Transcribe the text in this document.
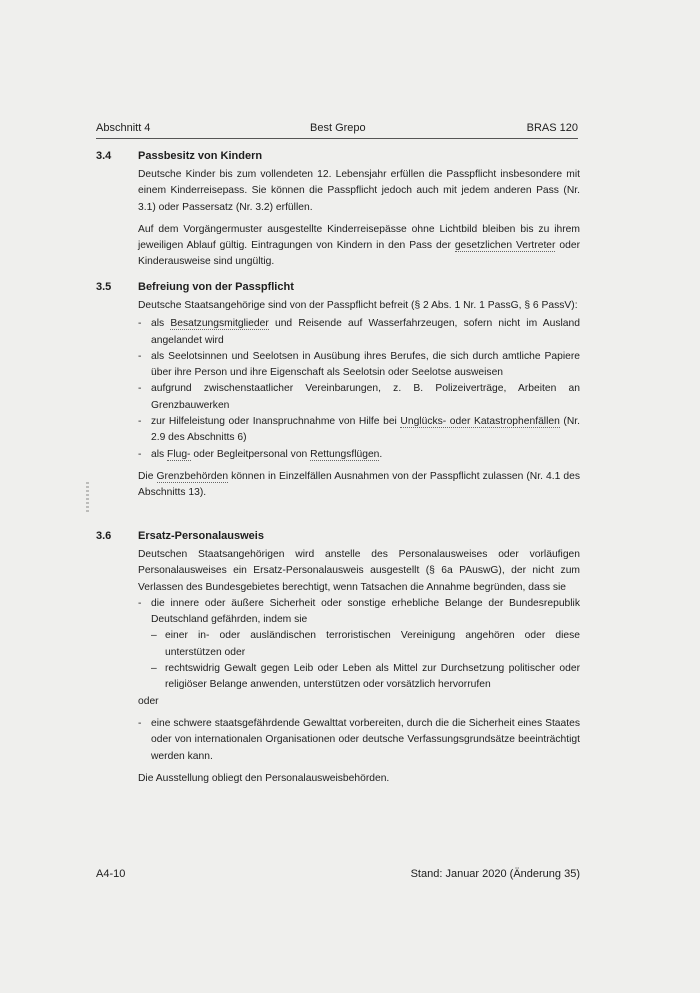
Abschnitt 4	Best Grepo	BRAS 120
3.4 Passbesitz von Kindern

Deutsche Kinder bis zum vollendeten 12. Lebensjahr erfüllen die Passpflicht insbesondere mit einem Kinderreisepass. Sie können die Passpflicht jedoch auch mit jedem anderen Pass (Nr. 3.1) oder Passersatz (Nr. 3.2) erfüllen.

Auf dem Vorgängermuster ausgestellte Kinderreisepässe ohne Lichtbild bleiben bis zu ihrem jeweiligen Ablauf gültig. Eintragungen von Kindern in den Pass der gesetzlichen Vertreter oder Kinderausweise sind ungültig.

3.5 Befreiung von der Passpflicht

Deutsche Staatsangehörige sind von der Passpflicht befreit (§ 2 Abs. 1 Nr. 1 PassG, § 6 PassV):

- als Besatzungsmitglieder und Reisende auf Wasserfahrzeugen, sofern nicht im Ausland angelandet wird
- als Seelotsinnen und Seelotsen in Ausübung ihres Berufes, die sich durch amtliche Papiere über ihre Person und ihre Eigenschaft als Seelotsin oder Seelotse ausweisen
- aufgrund zwischenstaatlicher Vereinbarungen, z. B. Polizeiverträge, Arbeiten an Grenzbauwerken
- zur Hilfeleistung oder Inanspruchnahme von Hilfe bei Unglücks- oder Katastrophenfällen (Nr. 2.9 des Abschnitts 6)
- als Flug- oder Begleitpersonal von Rettungsflügen.

Die Grenzbehörden können in Einzelfällen Ausnahmen von der Passpflicht zulassen (Nr. 4.1 des Abschnitts 13).

3.6 Ersatz-Personalausweis

Deutschen Staatsangehörigen wird anstelle des Personalausweises oder vorläufigen Personalausweises ein Ersatz-Personalausweis ausgestellt (§ 6a PAuswG), der nicht zum Verlassen des Bundesgebietes berechtigt, wenn Tatsachen die Annahme begründen, dass sie

- die innere oder äußere Sicherheit oder sonstige erhebliche Belange der Bundesrepublik Deutschland gefährden, indem sie
– einer in- oder ausländischen terroristischen Vereinigung angehören oder diese unterstützen oder
– rechtswidrig Gewalt gegen Leib oder Leben als Mittel zur Durchsetzung politischer oder religiöser Belange anwenden, unterstützen oder vorsätzlich hervorrufen

oder

- eine schwere staatsgefährdende Gewalttat vorbereiten, durch die die Sicherheit eines Staates oder von internationalen Organisationen oder deutsche Verfassungsgrundsätze beeinträchtigt werden kann.

Die Ausstellung obliegt den Personalausweisbehörden.

A4-10	Stand: Januar 2020 (Änderung 35)
